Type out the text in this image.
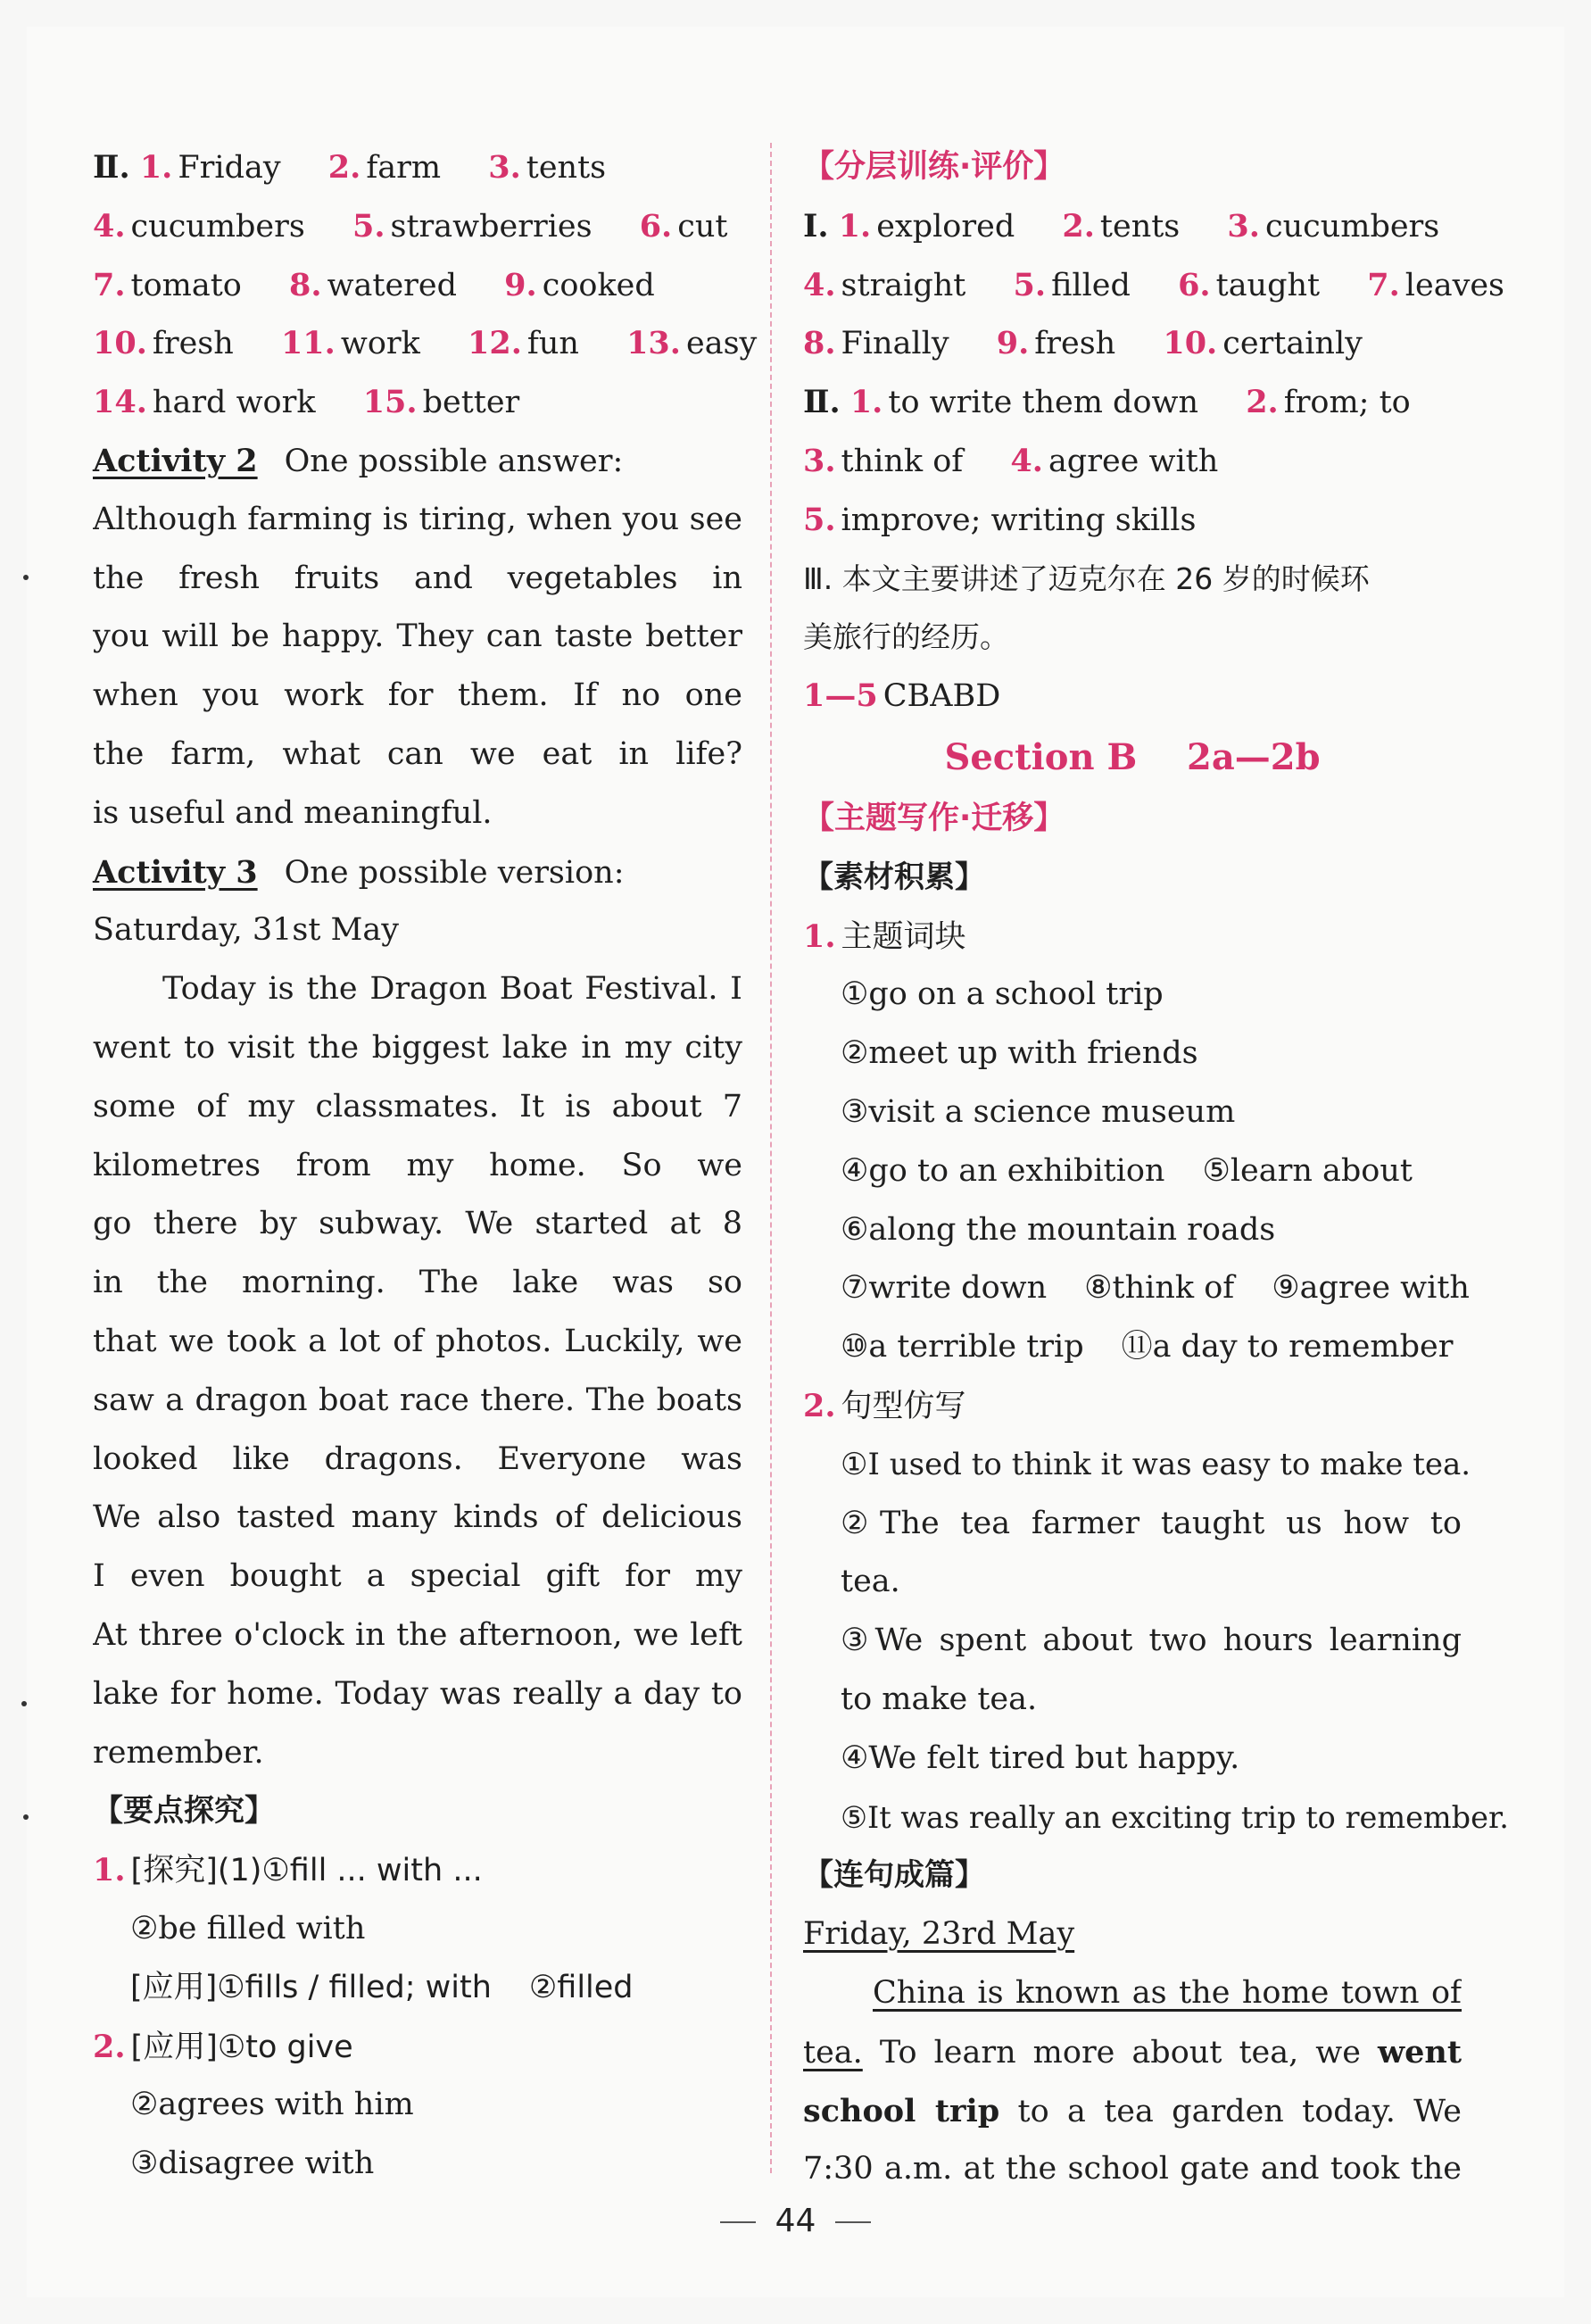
Ⅱ. 1. Friday 2. farm 3. tents
4. cucumbers 5. strawberries 6. cut
7. tomato 8. watered 9. cooked
10. fresh 11. work 12. fun 13. easy
14. hard work 15. better
Activity 2 One possible answer:
Although farming is tiring, when you see
the fresh fruits and vegetables in
you will be happy. They can taste better
when you work for them. If no one
the farm, what can we eat in life?
is useful and meaningful.
Activity 3 One possible version:
Saturday, 31st May
Today is the Dragon Boat Festival. I
went to visit the biggest lake in my city
some of my classmates. It is about 7
kilometres from my home. So we
go there by subway. We started at 8
in the morning. The lake was so
that we took a lot of photos. Luckily, we
saw a dragon boat race there. The boats
looked like dragons. Everyone was
We also tasted many kinds of delicious
I even bought a special gift for my
At three o'clock in the afternoon, we left
lake for home. Today was really a day to
remember.
【要点探究】
1. [探究](1)①fill ... with ...
②be filled with
[应用]①fills / filled; with ②filled
2. [应用]①to give
②agrees with him
③disagree with
【分层训练·评价】
Ⅰ. 1. explored 2. tents 3. cucumbers
4. straight 5. filled 6. taught 7. leaves
8. Finally 9. fresh 10. certainly
Ⅱ. 1. to write them down 2. from; to
3. think of 4. agree with
5. improve; writing skills
Ⅲ. 本文主要讲述了迈克尔在 26 岁的时候环
美旅行的经历。
1—5 CBABD
Section B    2a—2b
【主题写作·迁移】
【素材积累】
1. 主题词块
①go on a school trip
②meet up with friends
③visit a science museum
④go to an exhibition ⑤learn about
⑥along the mountain roads
⑦write down ⑧think of ⑨agree with
⑩a terrible trip ⑪a day to remember
2. 句型仿写
①I used to think it was easy to make tea.
②The tea farmer taught us how to
tea.
③We spent about two hours learning
to make tea.
④We felt tired but happy.
⑤It was really an exciting trip to remember.
【连句成篇】
Friday, 23rd May
China is known as the home town of
tea. To learn more about tea, we went
school trip to a tea garden today. We
7:30 a.m. at the school gate and took the
44
